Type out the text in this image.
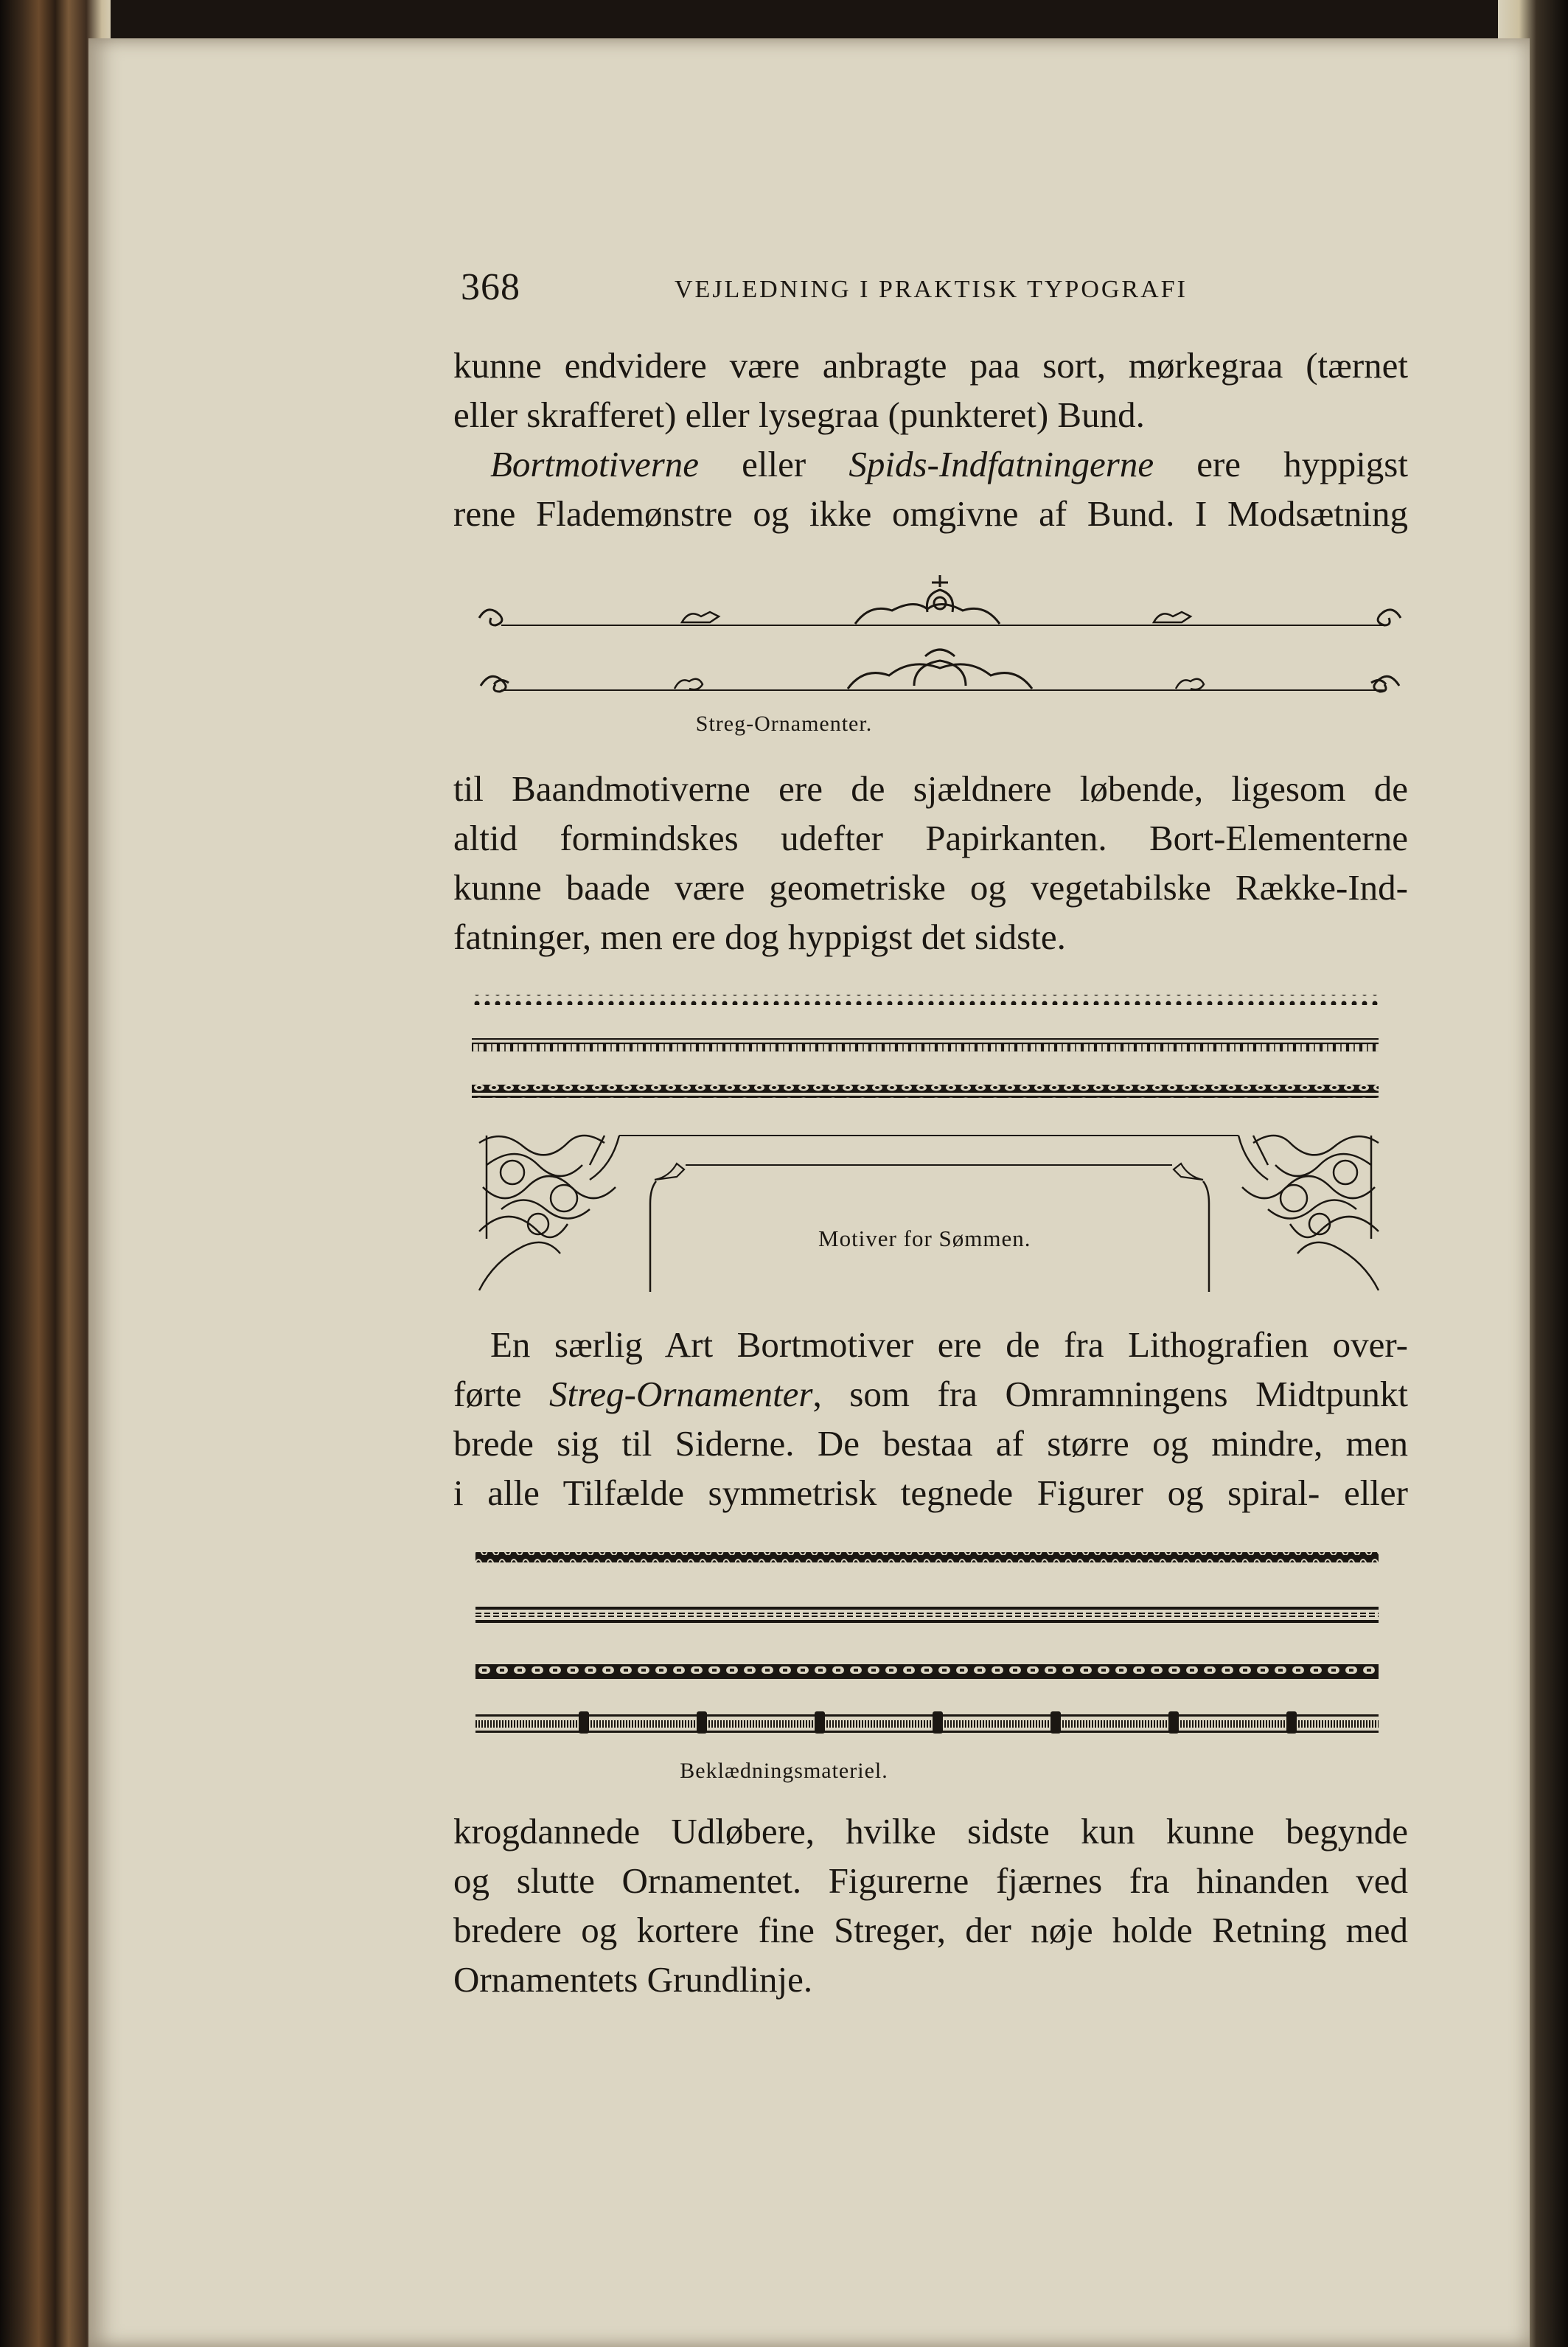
368	VEJLEDNING I PRAKTISK TYPOGRAFI
kunne endvidere være anbragte paa sort, mørkegraa (tærnet
eller skrafferet) eller lysegraa (punkteret) Bund.
Bortmotiverne eller Spids-Indfatningerne ere hyppigst
rene Flademønstre og ikke omgivne af Bund. I Modsætning
Streg-Ornamenter.
til Baandmotiverne ere de sjældnere løbende, ligesom de
altid formindskes udefter Papirkanten. Bort-Elementerne
kunne baade være geometriske og vegetabilske Række-Ind-
fatninger, men ere dog hyppigst det sidste.
Motiver for Sømmen.
En særlig Art Bortmotiver ere de fra Lithografien over-
førte Streg-Ornamenter, som fra Omramningens Midtpunkt
brede sig til Siderne. De bestaa af større og mindre, men
i alle Tilfælde symmetrisk tegnede Figurer og spiral- eller
Beklædningsmateriel.
krogdannede Udløbere, hvilke sidste kun kunne begynde
og slutte Ornamentet. Figurerne fjærnes fra hinanden ved
bredere og kortere fine Streger, der nøje holde Retning med
Ornamentets Grundlinje.
